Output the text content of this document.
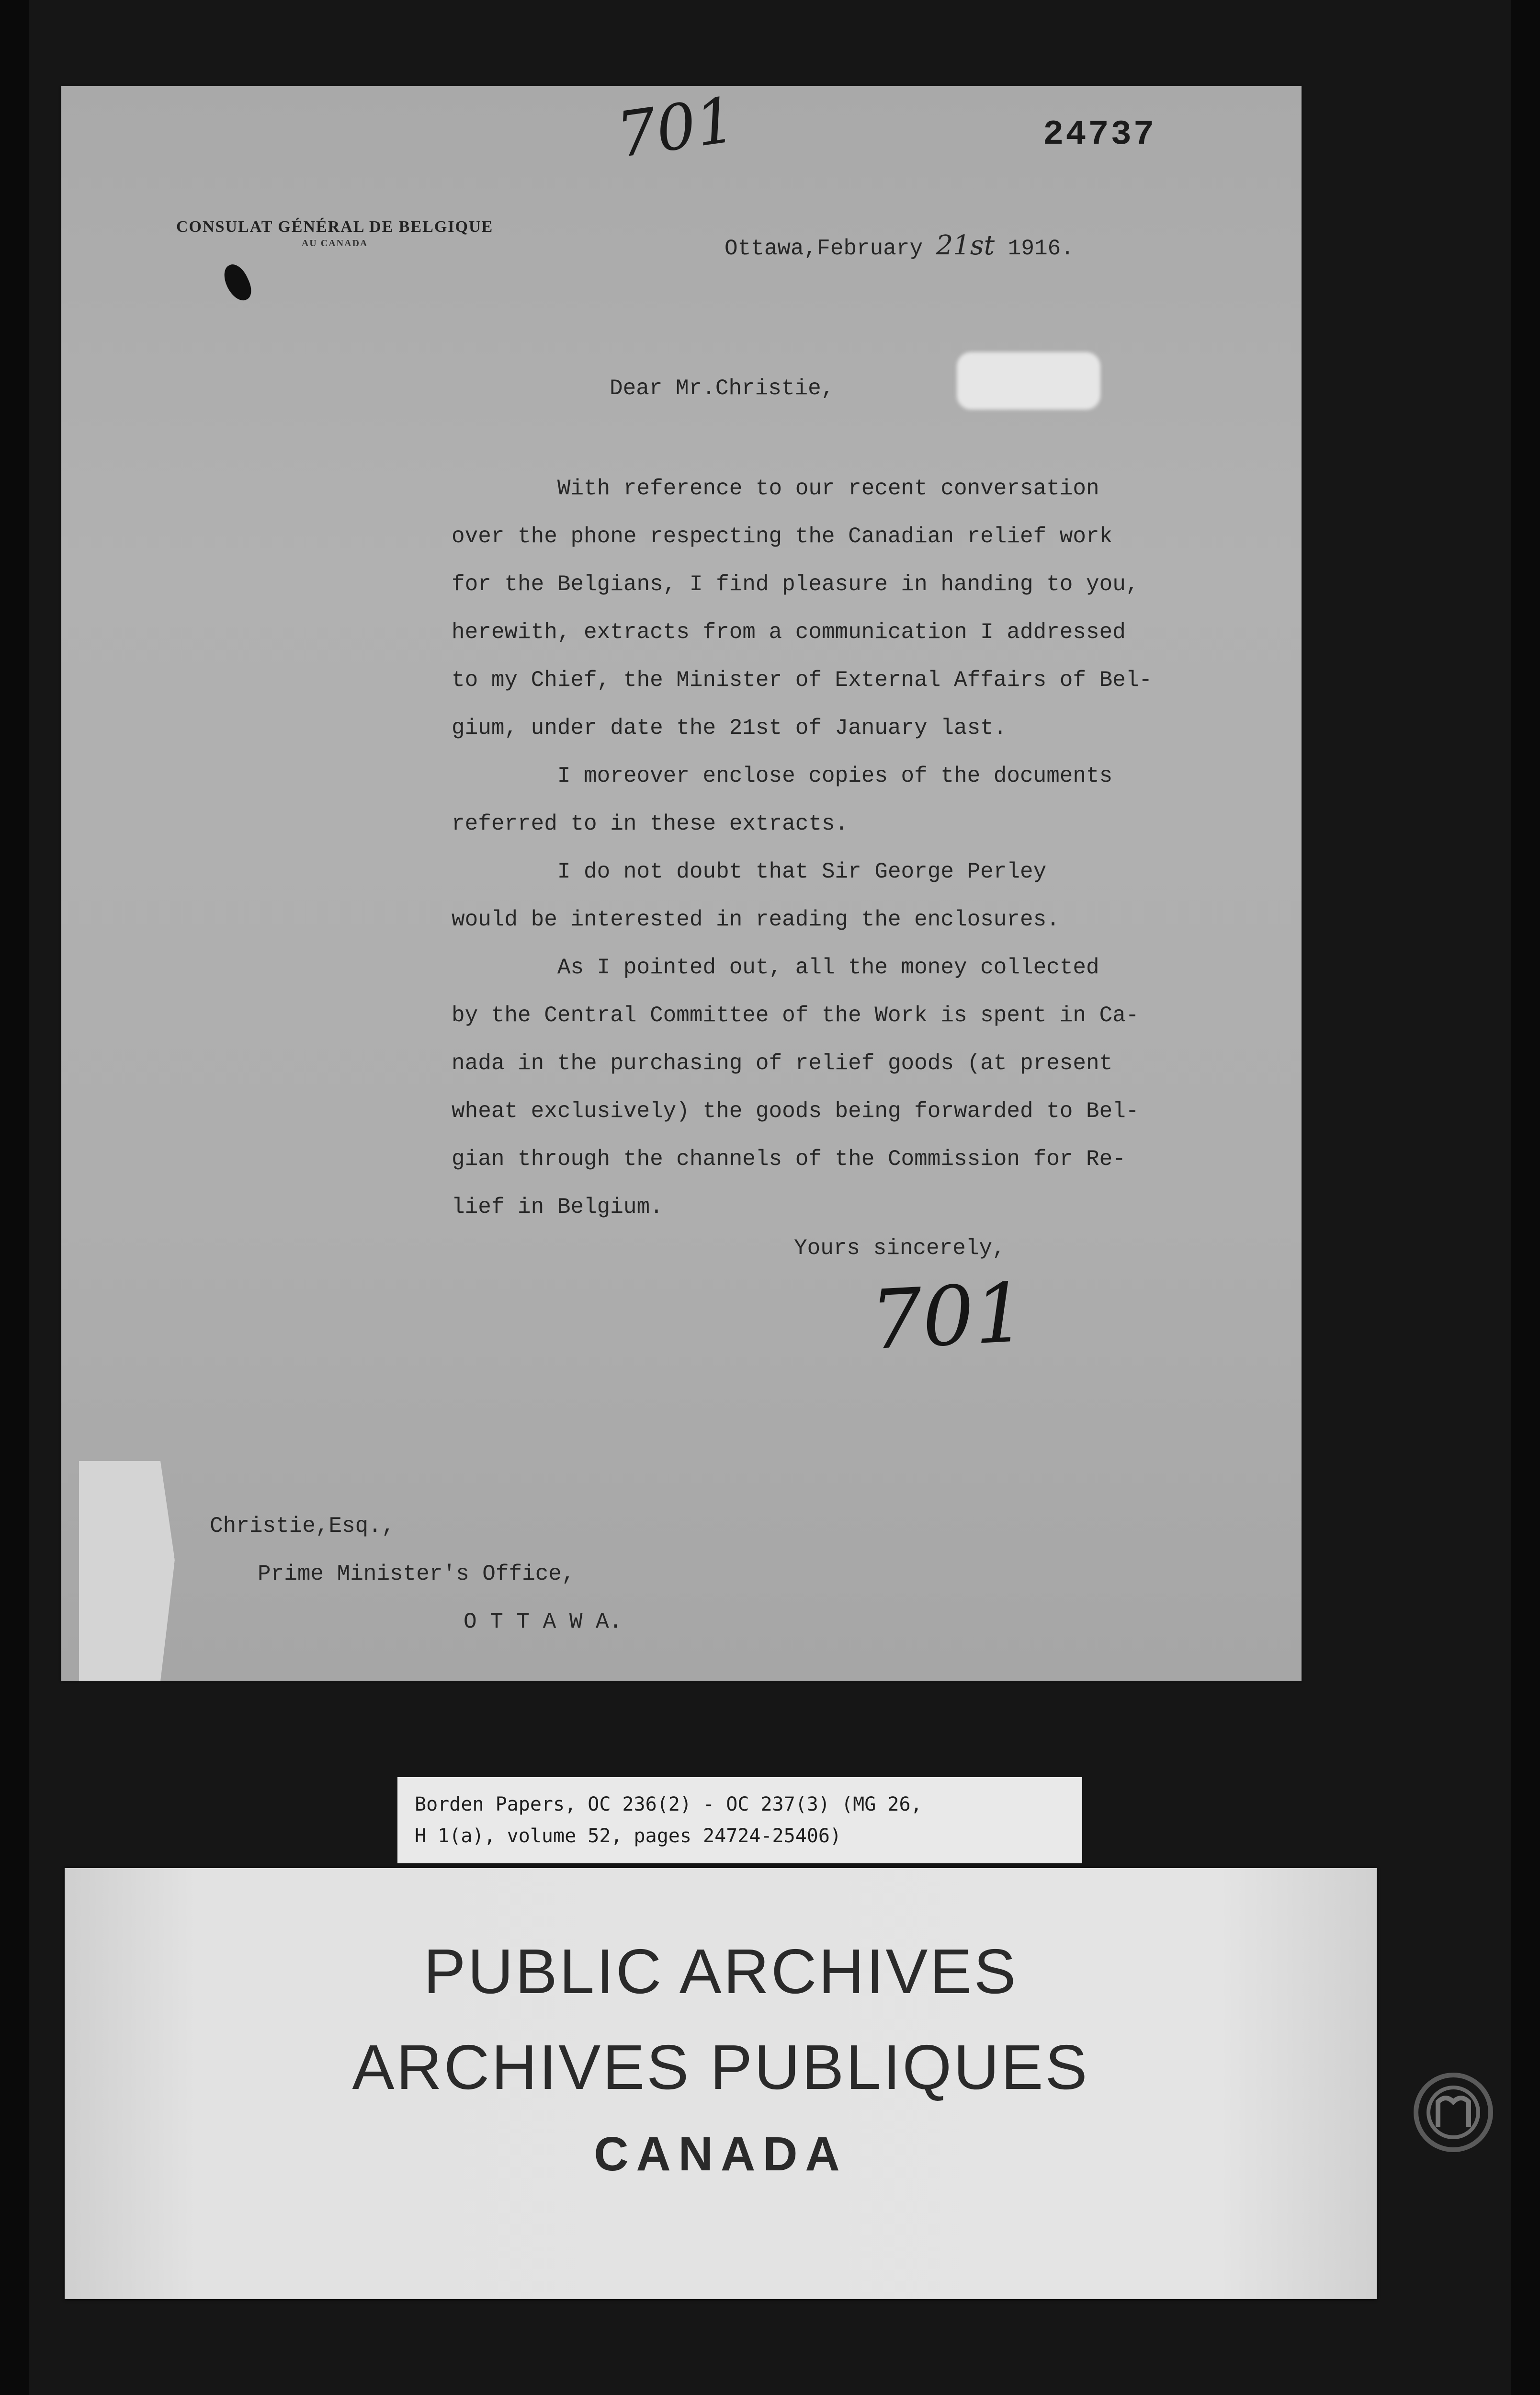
701	24737
CONSULAT GÉNÉRAL DE BELGIQUE
AU CANADA	Ottawa,February 21st 1916.
Dear Mr.Christie,
With reference to our recent conversation
over the phone respecting the Canadian relief work
for the Belgians, I find pleasure in handing to you,
herewith, extracts from a communication I addressed
to my Chief, the Minister of External Affairs of Bel-
gium, under date the 21st of January last.
I moreover enclose copies of the documents
referred to in these extracts.
I do not doubt that Sir George Perley
would be interested in reading the enclosures.
As I pointed out, all the money collected
by the Central Committee of the Work is spent in Ca-
nada in the purchasing of relief goods (at present
wheat exclusively) the goods being forwarded to Bel-
gian through the channels of the Commission for Re-
lief in Belgium.
Yours sincerely,
701
Christie,Esq.,
Prime Minister's Office,
O T T A W A.
Borden Papers, OC 236(2) - OC 237(3) (MG 26,
H 1(a), volume 52, pages 24724-25406)
PUBLIC ARCHIVES
ARCHIVES PUBLIQUES
CANADA
